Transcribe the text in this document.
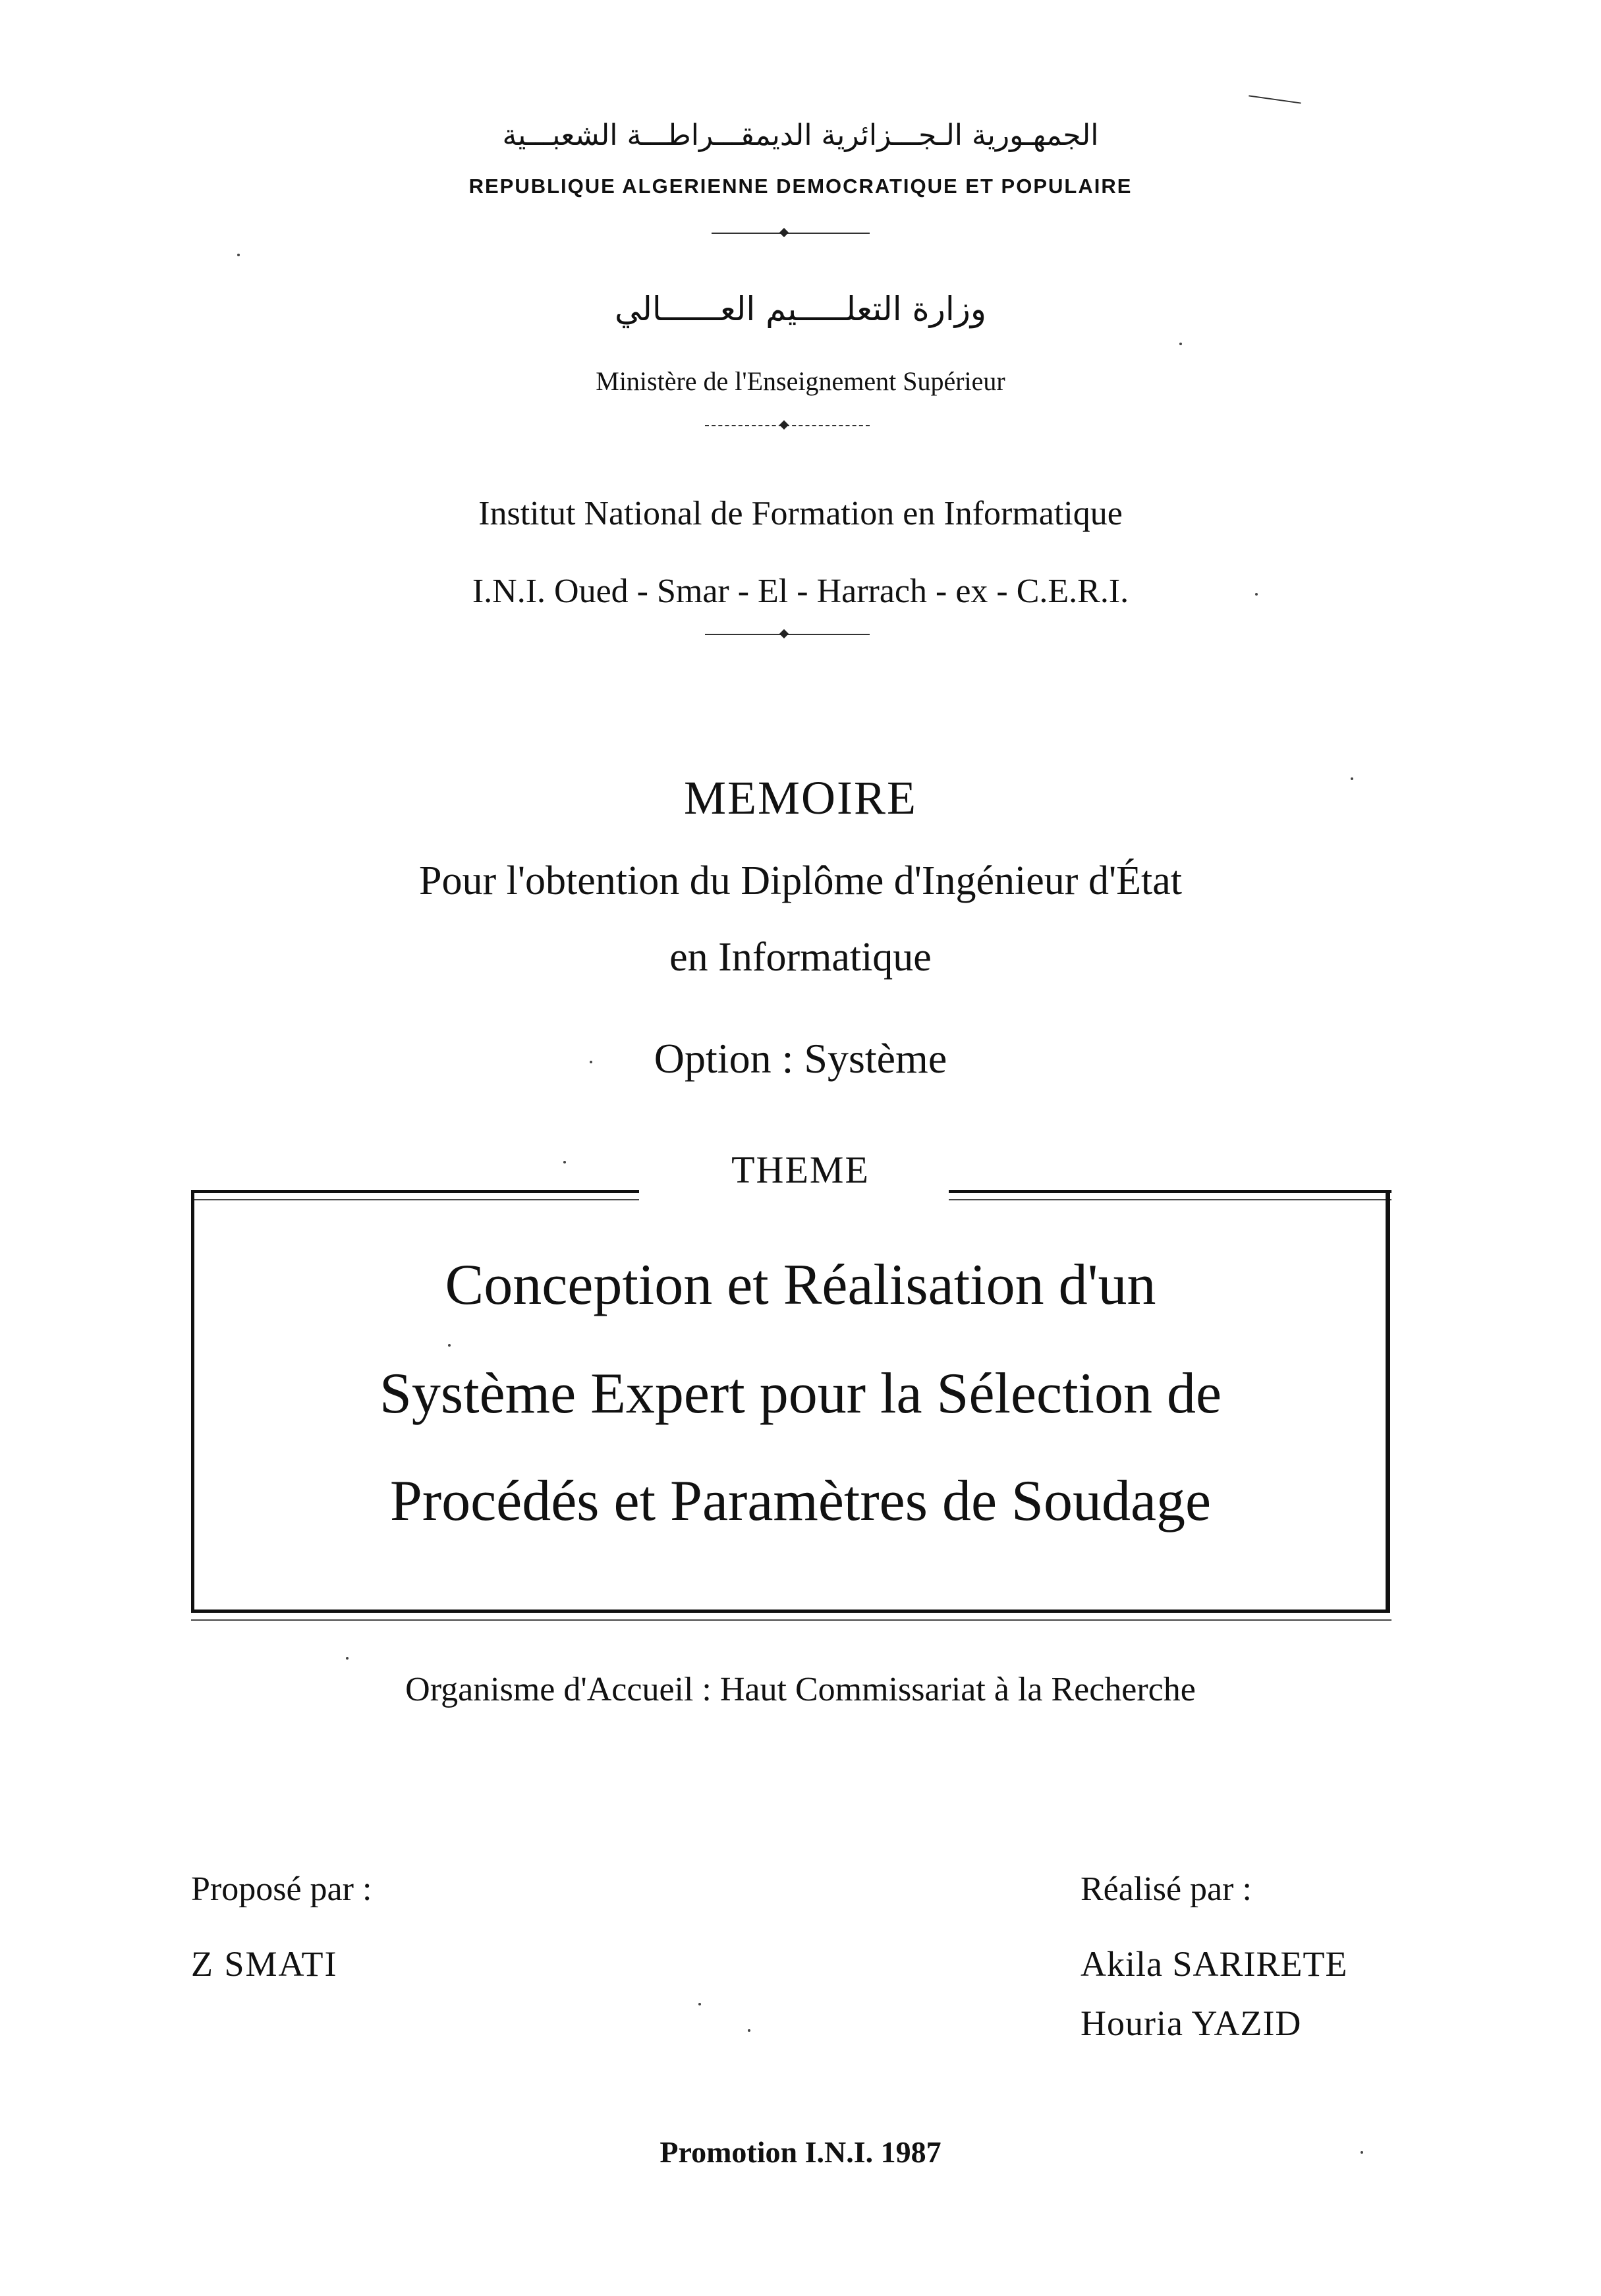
الجمهـورية الـجـــزائرية الديمقـــراطـــة الشعبـــية
REPUBLIQUE ALGERIENNE DEMOCRATIQUE ET POPULAIRE
وزارة التعلـــــيم العــــــالي
Ministère de l'Enseignement Supérieur
Institut National de Formation en Informatique
I.N.I. Oued - Smar - El - Harrach - ex - C.E.R.I.
MEMOIRE
Pour l'obtention du Diplôme d'Ingénieur d'État
en Informatique
Option : Système
THEME
Conception et Réalisation d'un
Système Expert pour la Sélection de
Procédés et Paramètres de Soudage
Organisme d'Accueil : Haut Commissariat à la Recherche
Proposé par :
Z SMATI
Réalisé par :
Akila SARIRETE
Houria YAZID
Promotion I.N.I. 1987
